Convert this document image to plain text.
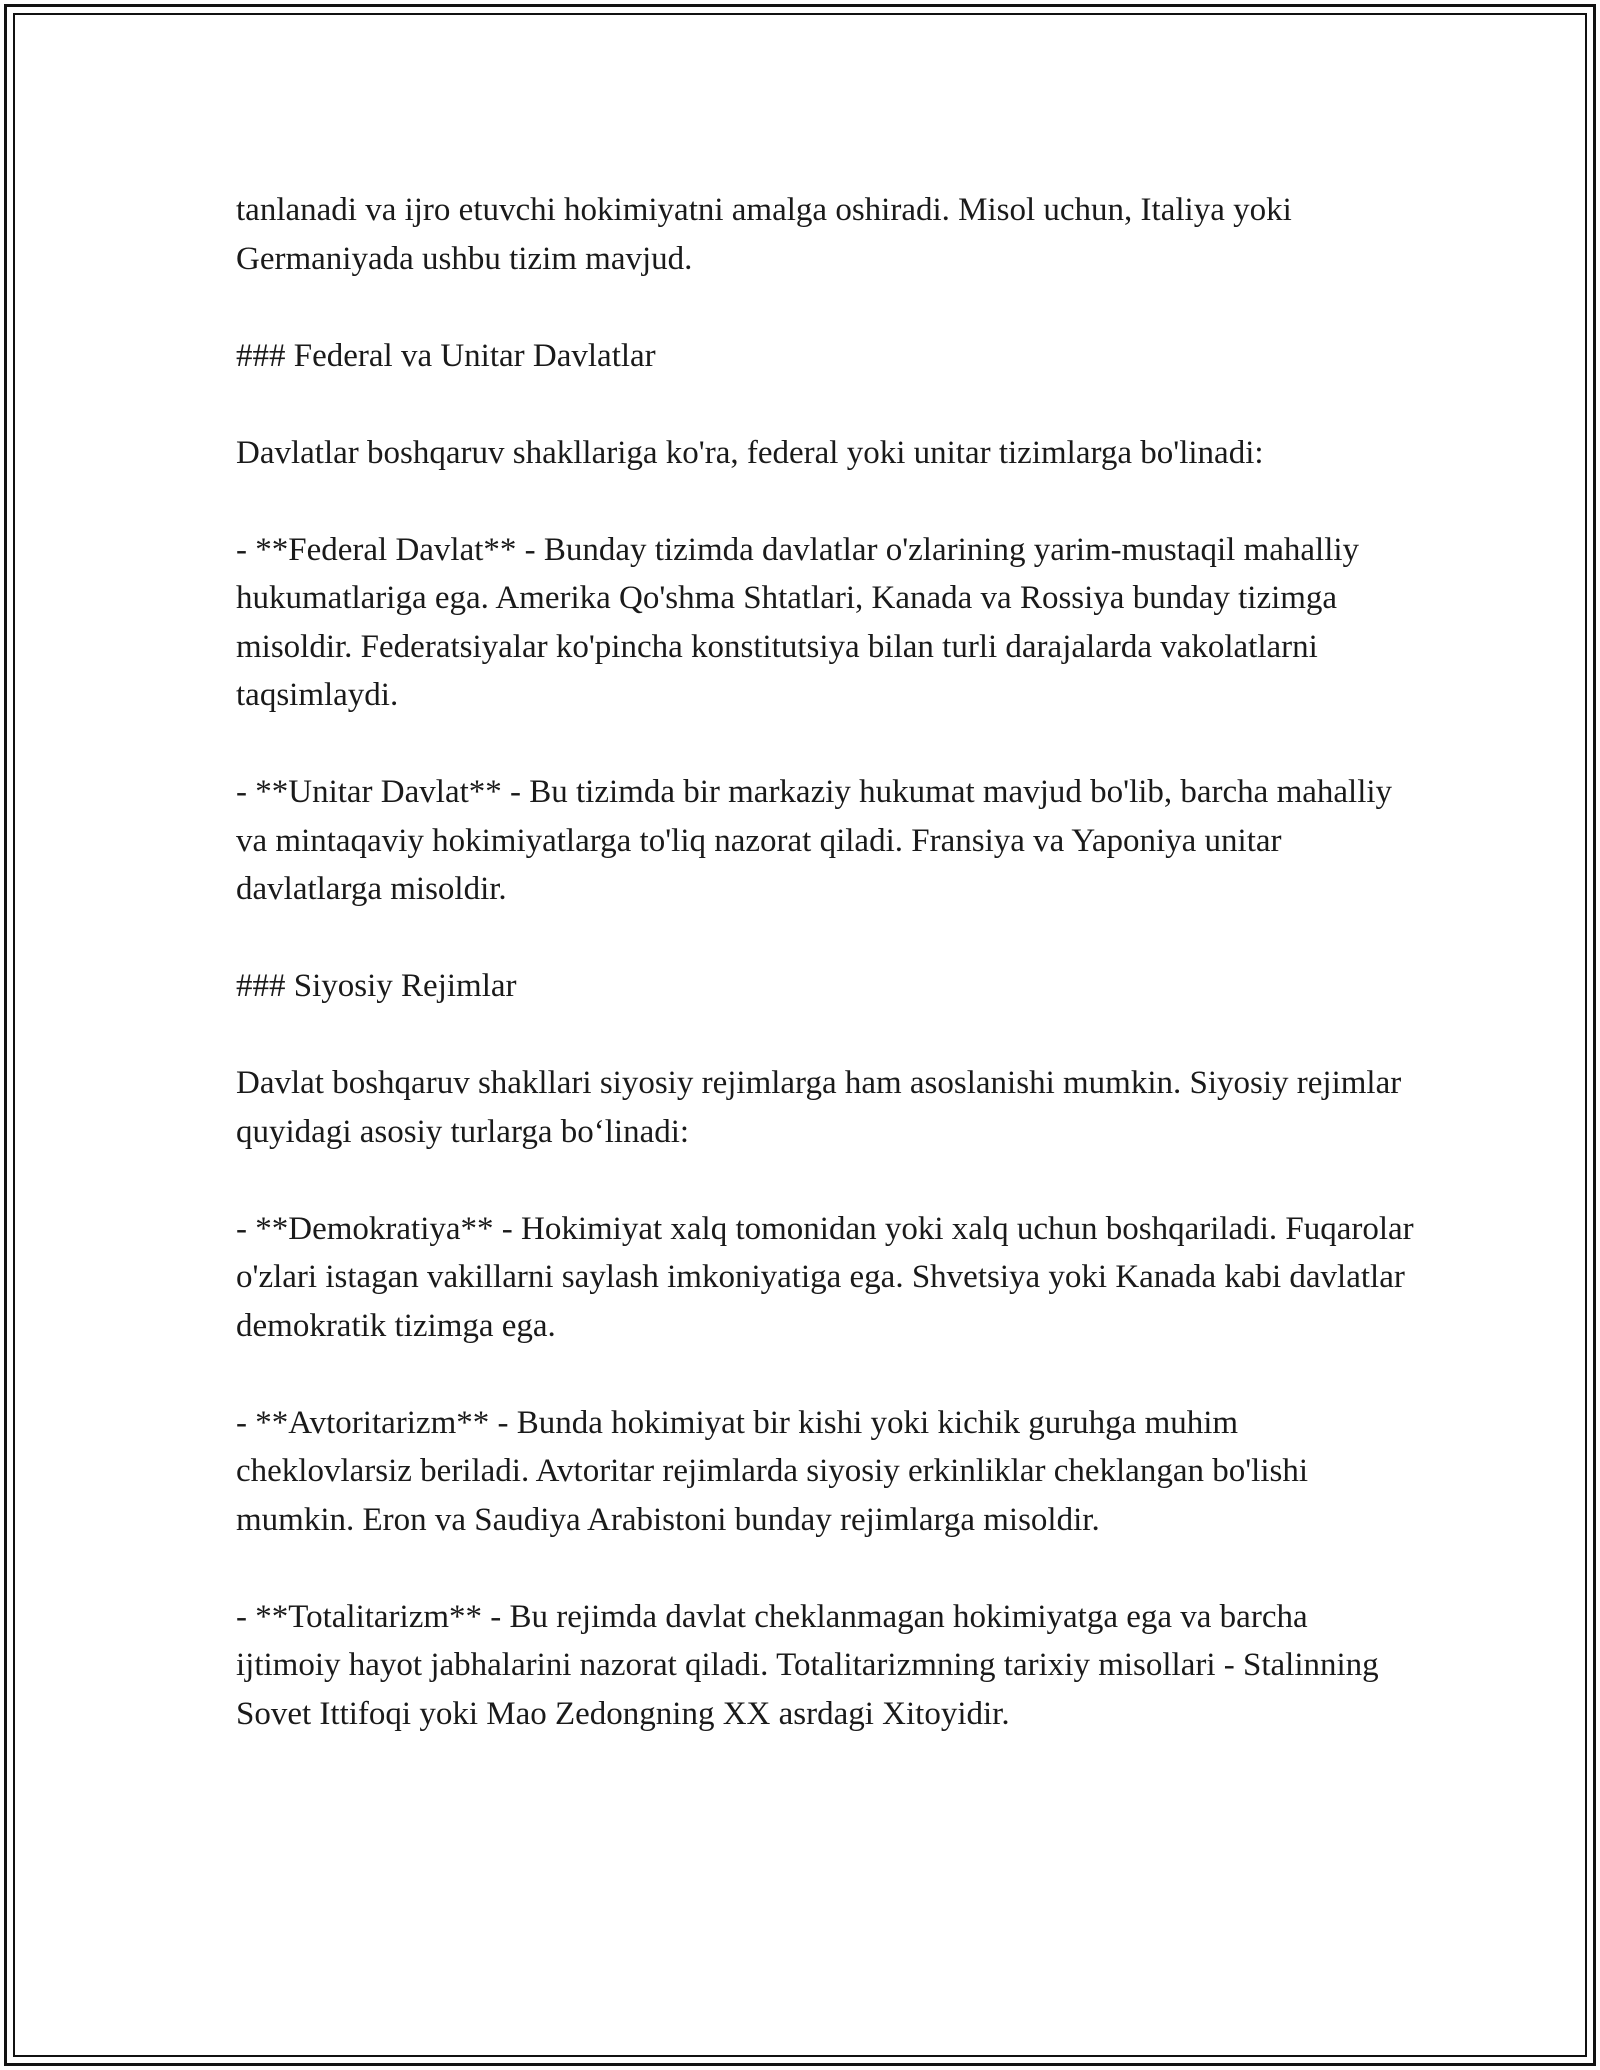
tanlanadi va ijro etuvchi hokimiyatni amalga oshiradi. Misol uchun, Italiya yoki Germaniyada ushbu tizim mavjud.

### Federal va Unitar Davlatlar

Davlatlar boshqaruv shakllariga ko'ra, federal yoki unitar tizimlarga bo'linadi:

- **Federal Davlat** - Bunday tizimda davlatlar o'zlarining yarim-mustaqil mahalliy hukumatlariga ega. Amerika Qo'shma Shtatlari, Kanada va Rossiya bunday tizimga misoldir. Federatsiyalar ko'pincha konstitutsiya bilan turli darajalarda vakolatlarni taqsimlaydi.

- **Unitar Davlat** - Bu tizimda bir markaziy hukumat mavjud bo'lib, barcha mahalliy va mintaqaviy hokimiyatlarga to'liq nazorat qiladi. Fransiya va Yaponiya unitar davlatlarga misoldir.

### Siyosiy Rejimlar

Davlat boshqaruv shakllari siyosiy rejimlarga ham asoslanishi mumkin. Siyosiy rejimlar quyidagi asosiy turlarga bo‘linadi:

- **Demokratiya** - Hokimiyat xalq tomonidan yoki xalq uchun boshqariladi. Fuqarolar o'zlari istagan vakillarni saylash imkoniyatiga ega. Shvetsiya yoki Kanada kabi davlatlar demokratik tizimga ega.

- **Avtoritarizm** - Bunda hokimiyat bir kishi yoki kichik guruhga muhim cheklovlarsiz beriladi. Avtoritar rejimlarda siyosiy erkinliklar cheklangan bo'lishi mumkin. Eron va Saudiya Arabistoni bunday rejimlarga misoldir.

- **Totalitarizm** - Bu rejimda davlat cheklanmagan hokimiyatga ega va barcha ijtimoiy hayot jabhalarini nazorat qiladi. Totalitarizmning tarixiy misollari - Stalinning Sovet Ittifoqi yoki Mao Zedongning XX asrdagi Xitoyidir.
